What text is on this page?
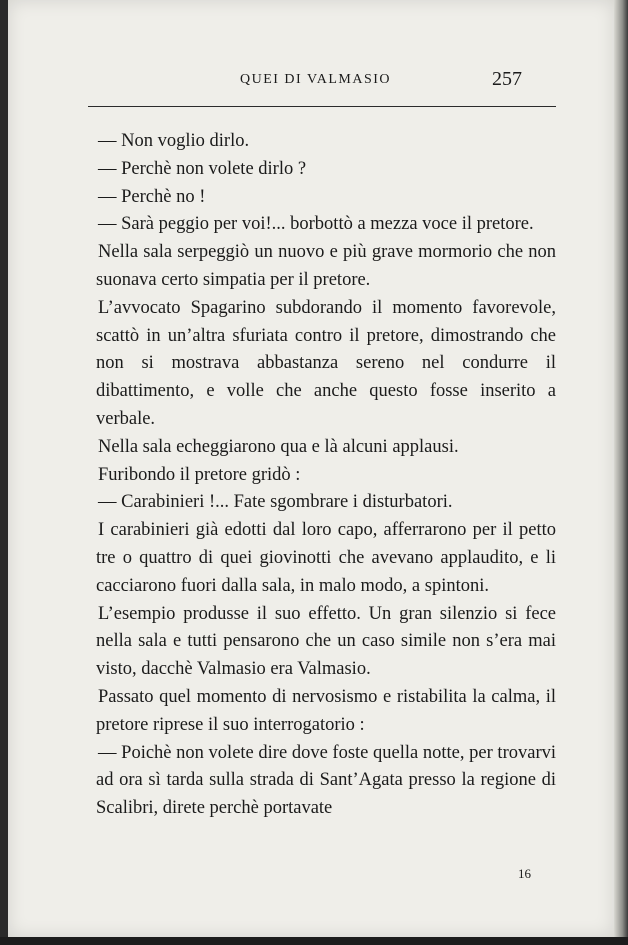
QUEI DI VALMASIO	257

— Non voglio dirlo.

— Perchè non volete dirlo ?

— Perchè no !

— Sarà peggio per voi!... borbottò a mezza voce il pretore.

Nella sala serpeggiò un nuovo e più grave mormorio che non suonava certo simpatia per il pretore.

L’avvocato Spagarino subdorando il momento favorevole, scattò in un’altra sfuriata contro il pretore, dimostrando che non si mostrava abbastanza sereno nel condurre il dibattimento, e volle che anche questo fosse inserito a verbale.

Nella sala echeggiarono qua e là alcuni applausi.

Furibondo il pretore gridò :

— Carabinieri !... Fate sgombrare i disturbatori.

I carabinieri già edotti dal loro capo, afferrarono per il petto tre o quattro di quei giovinotti che avevano applaudito, e li cacciarono fuori dalla sala, in malo modo, a spintoni.

L’esempio produsse il suo effetto. Un gran silenzio si fece nella sala e tutti pensarono che un caso simile non s’era mai visto, dacchè Valmasio era Valmasio.

Passato quel momento di nervosismo e ristabilita la calma, il pretore riprese il suo interrogatorio :

— Poichè non volete dire dove foste quella notte, per trovarvi ad ora sì tarda sulla strada di Sant’Agata presso la regione di Scalibri, direte perchè portavate

16
